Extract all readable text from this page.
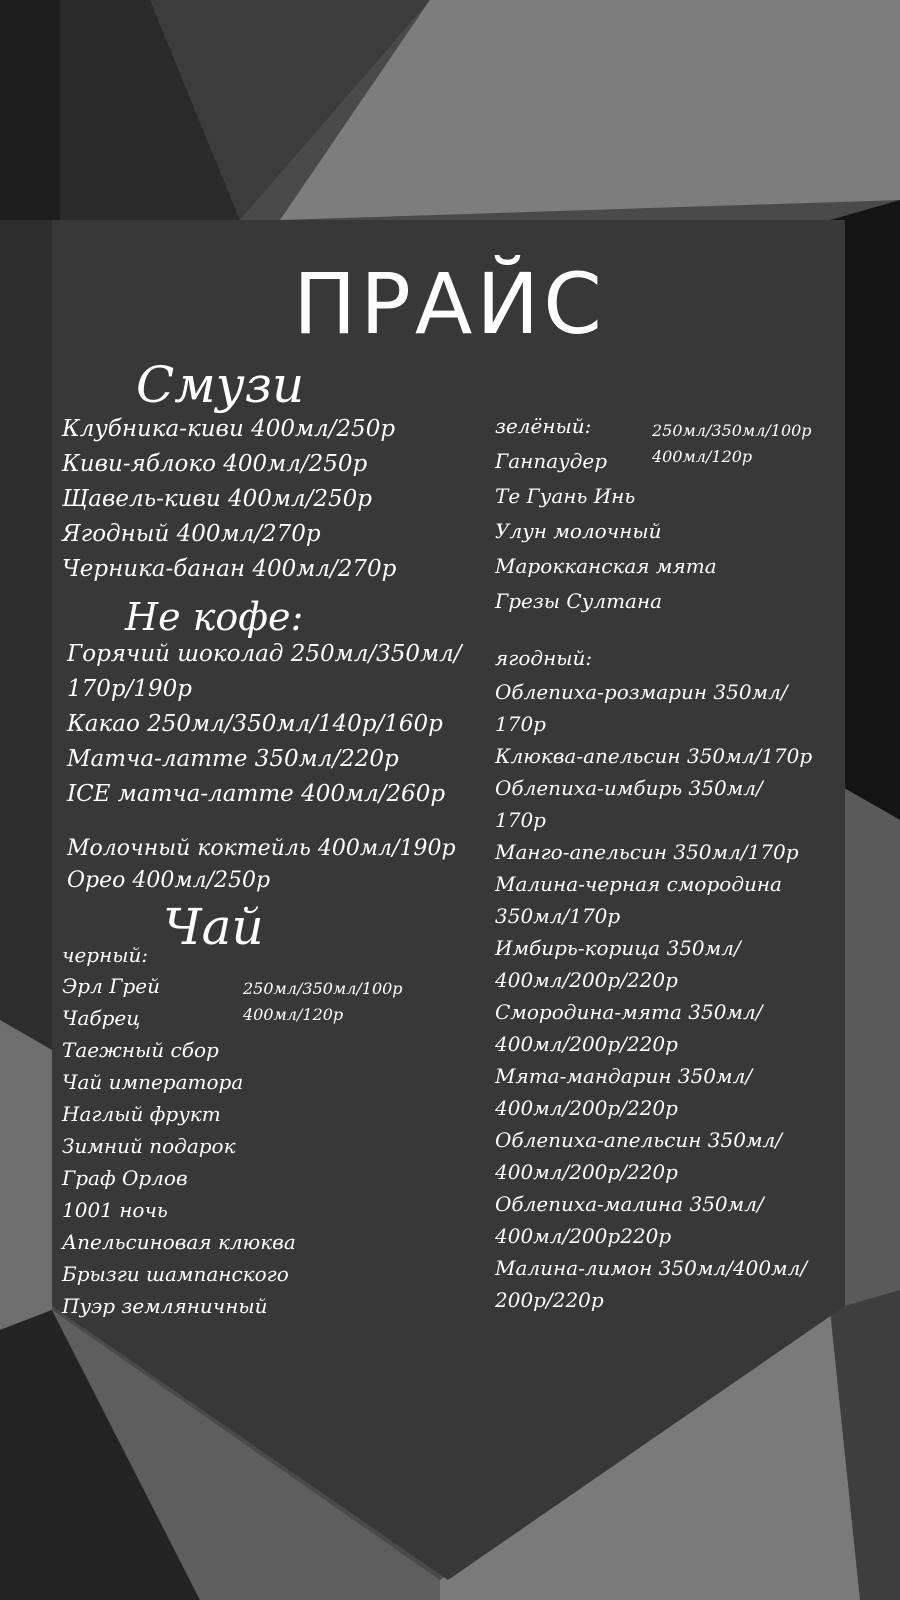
ПРАЙС
Смузи
Клубника-киви 400мл/250р
Киви-яблоко 400мл/250р
Щавель-киви 400мл/250р
Ягодный 400мл/270р
Черника-банан 400мл/270р
Не кофе:
Горячий шоколад 250мл/350мл/
170р/190р
Какао 250мл/350мл/140р/160р
Матча-латте 350мл/220р
ICE матча-латте 400мл/260р
Молочный коктейль 400мл/190р
Орео 400мл/250р
Чай
черный:
Эрл Грей
Чабрец
Таежный сбор
Чай императора
Наглый фрукт
Зимний подарок
Граф Орлов
1001 ночь
Апельсиновая клюква
Брызги шампанского
Пуэр земляничный
250мл/350мл/100р
400мл/120р
зелёный:	250мл/350мл/100р
400мл/120р
Ганпаудер
Те Гуань Инь
Улун молочный
Марокканская мята
Грезы Султана
ягодный:
Облепиха-розмарин 350мл/
170р
Клюква-апельсин 350мл/170р
Облепиха-имбирь 350мл/
170р
Манго-апельсин 350мл/170р
Малина-черная смородина
350мл/170р
Имбирь-корица 350мл/
400мл/200р/220р
Смородина-мята 350мл/
400мл/200р/220р
Мята-мандарин 350мл/
400мл/200р/220р
Облепиха-апельсин 350мл/
400мл/200р/220р
Облепиха-малина 350мл/
400мл/200р220р
Малина-лимон 350мл/400мл/
200р/220р
